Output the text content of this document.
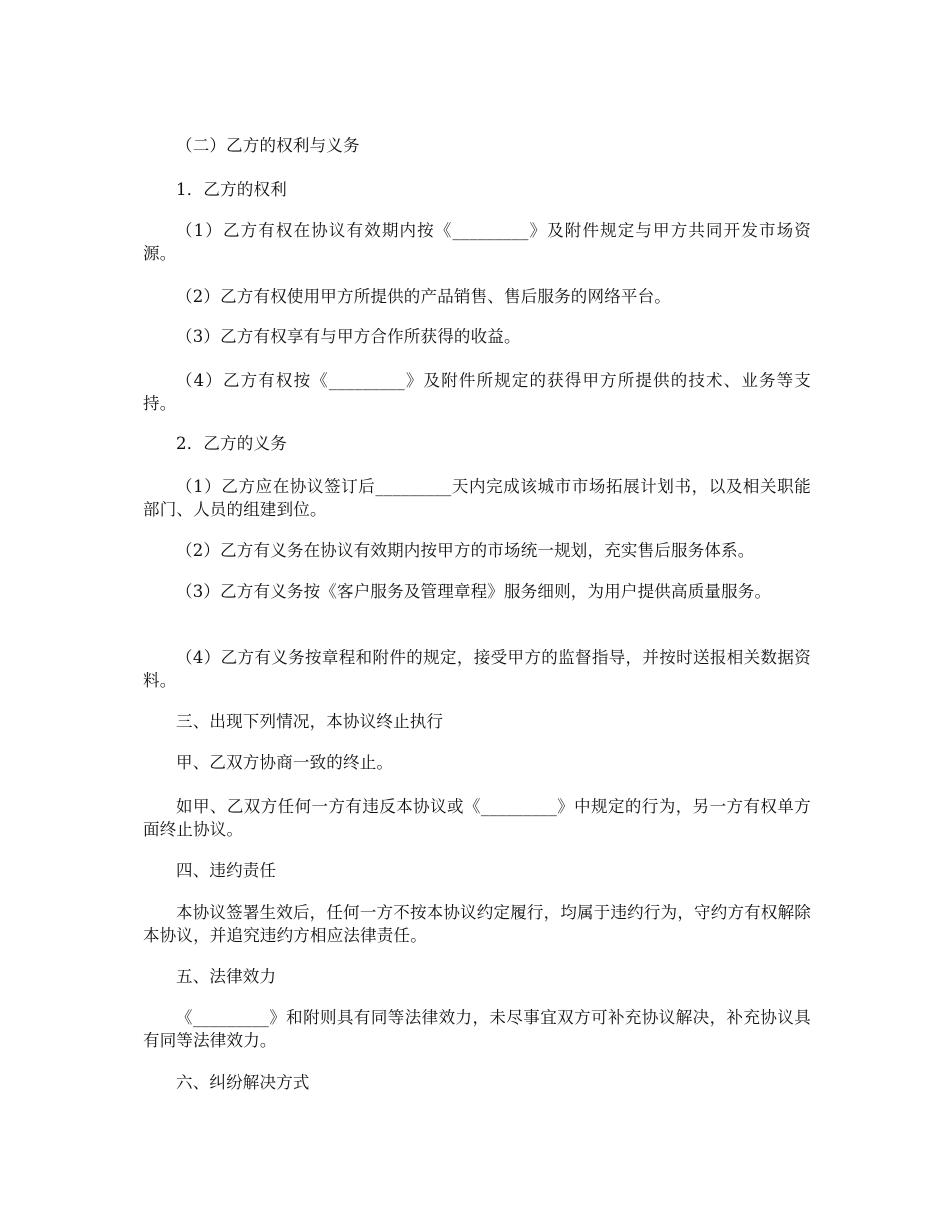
（二）乙方的权利与义务

1．乙方的权利

（1）乙方有权在协议有效期内按《_________》及附件规定与甲方共同开发市场资源。

（2）乙方有权使用甲方所提供的产品销售、售后服务的网络平台。

（3）乙方有权享有与甲方合作所获得的收益。

（4）乙方有权按《_________》及附件所规定的获得甲方所提供的技术、业务等支持。

2．乙方的义务

（1）乙方应在协议签订后_________天内完成该城市市场拓展计划书，以及相关职能部门、人员的组建到位。

（2）乙方有义务在协议有效期内按甲方的市场统一规划，充实售后服务体系。

（3）乙方有义务按《客户服务及管理章程》服务细则，为用户提供高质量服务。

（4）乙方有义务按章程和附件的规定，接受甲方的监督指导，并按时送报相关数据资料。

三、出现下列情况，本协议终止执行

甲、乙双方协商一致的终止。

如甲、乙双方任何一方有违反本协议或《_________》中规定的行为，另一方有权单方面终止协议。

四、违约责任

本协议签署生效后，任何一方不按本协议约定履行，均属于违约行为，守约方有权解除本协议，并追究违约方相应法律责任。

五、法律效力

《_________》和附则具有同等法律效力，未尽事宜双方可补充协议解决，补充协议具有同等法律效力。

六、纠纷解决方式
